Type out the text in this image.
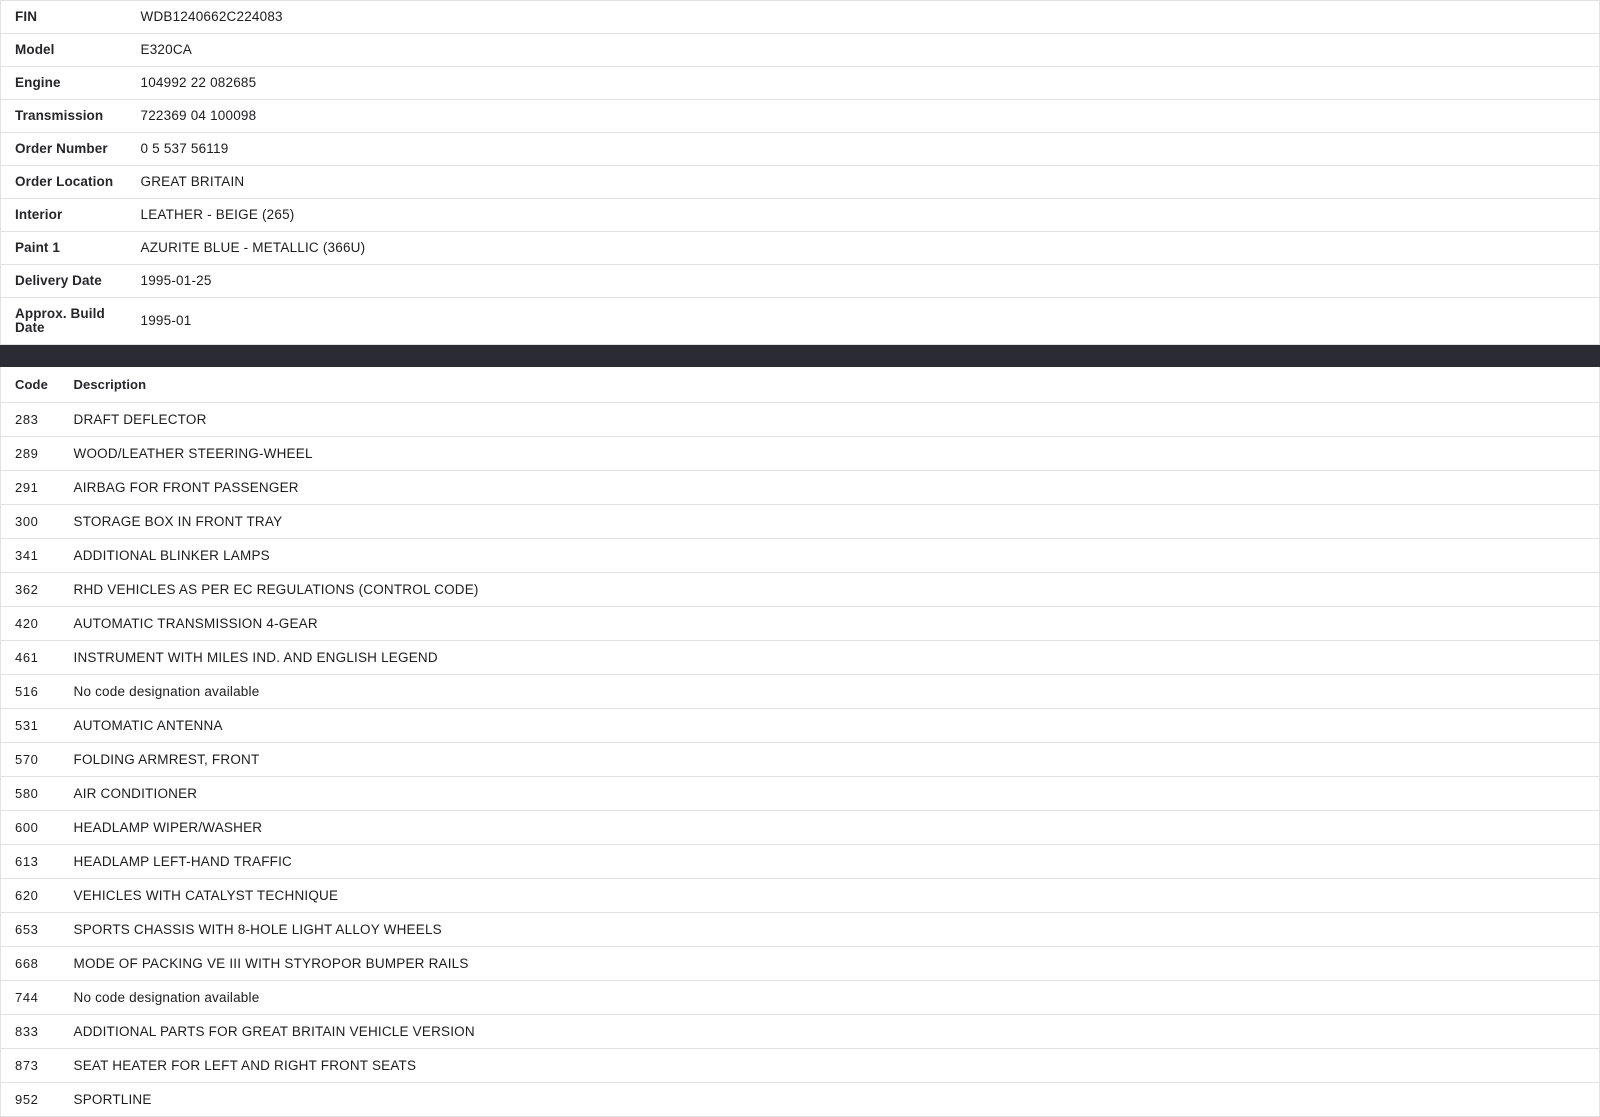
FIN	WDB1240662C224083

Model	E320CA

Engine	104992 22 082685

Transmission	722369 04 100098

Order Number	0 5 537 56119

Order Location	GREAT BRITAIN

Interior	LEATHER - BEIGE (265)

Paint 1	AZURITE BLUE - METALLIC (366U)

Delivery Date	1995-01-25

Approx. Build Date	1995-01
Code	Description

283	DRAFT DEFLECTOR

289	WOOD/LEATHER STEERING-WHEEL

291	AIRBAG FOR FRONT PASSENGER

300	STORAGE BOX IN FRONT TRAY

341	ADDITIONAL BLINKER LAMPS

362	RHD VEHICLES AS PER EC REGULATIONS (CONTROL CODE)

420	AUTOMATIC TRANSMISSION 4-GEAR

461	INSTRUMENT WITH MILES IND. AND ENGLISH LEGEND

516	No code designation available

531	AUTOMATIC ANTENNA

570	FOLDING ARMREST, FRONT

580	AIR CONDITIONER

600	HEADLAMP WIPER/WASHER

613	HEADLAMP LEFT-HAND TRAFFIC

620	VEHICLES WITH CATALYST TECHNIQUE

653	SPORTS CHASSIS WITH 8-HOLE LIGHT ALLOY WHEELS

668	MODE OF PACKING VE III WITH STYROPOR BUMPER RAILS

744	No code designation available

833	ADDITIONAL PARTS FOR GREAT BRITAIN VEHICLE VERSION

873	SEAT HEATER FOR LEFT AND RIGHT FRONT SEATS

952	SPORTLINE
